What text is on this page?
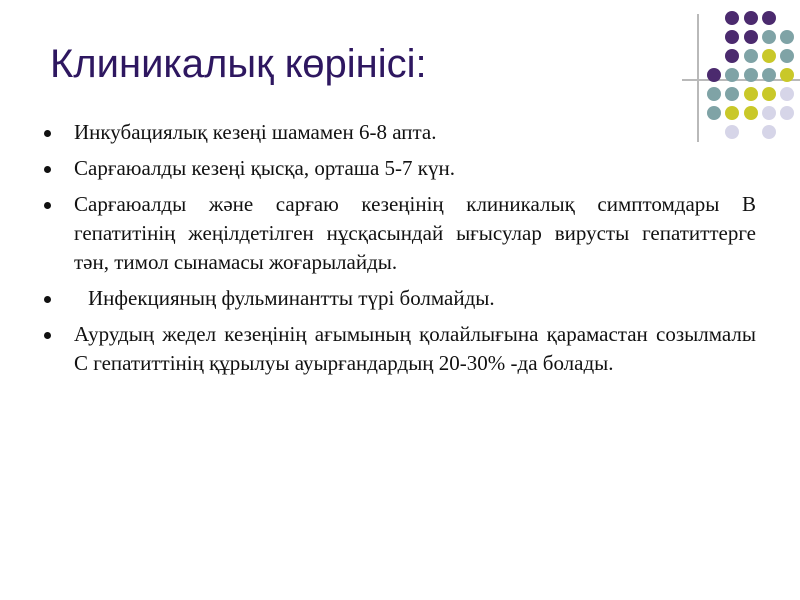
Клиникалық көрінісі:
Инкубациялық кезеңі шамамен 6-8 апта.
Сарғаюалды кезеңі қысқа, орташа 5-7 күн.
Сарғаюалды және сарғаю кезеңінің клиникалық симптомдары В гепатитінің жеңілдетілген нұсқасындай ығысулар вирусты гепатиттерге тән, тимол сынамасы жоғарылайды.
Инфекцияның фульминантты түрі болмайды.
Аурудың жедел кезеңінің ағымының қолайлығына қарамастан созылмалы С гепатиттінің құрылуы ауырғандардың 20-30% -да болады.
